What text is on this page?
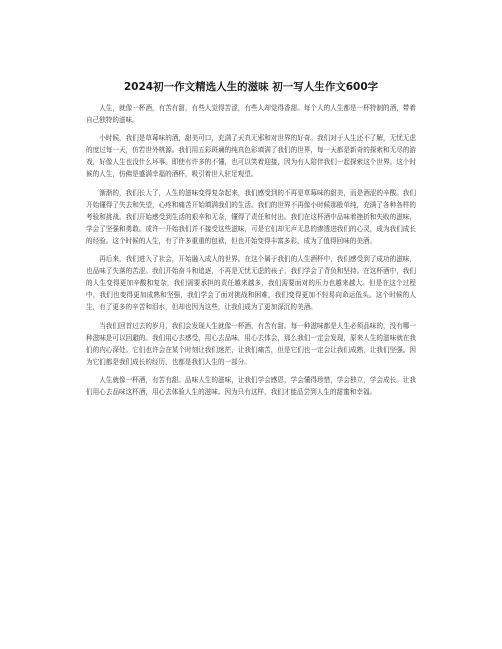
2024初一作文精选人生的滋味 初一写人生作文600字

人生，就像一杯酒，有苦有甜，有些人觉得苦涩，有些人却觉得香甜。每个人的人生都是一杯特制的酒，带着自己独特的滋味。

小时候，我们是草莓味的酒，甜美可口，充满了天真无邪和对世界的好奇。我们对于人生还不了解，无忧无虑的度过每一天，仿若世外桃源。我们用五彩斑斓的纯真色彩填满了我们的世界，每一天都是新奇的探索和无尽的游戏，好像人生也没什么坏事。即使有许多的不懂，也可以笑着迎接，因为有人陪伴我们一起探索这个世界。这个时候的人生，仿佛是盛满幸福的酒杯，吸引着世人驻足观望。

渐渐的，我们长大了，人生的滋味变得复杂起来，我们感受到的不再是草莓味的甜美，而是酒涩的辛酸。我们开始懂得了失去和失望，心疼和痛苦开始填满我们的生活。我们的世界不再像小时候那般单纯，充满了各种各样的考验和挑战。我们开始感受到生活的艰辛和无奈，懂得了责任和付出。我们在这杯酒中品味着挫折和失败的滋味，学会了坚强和勇敢。或许一开始我们并不接受这些滋味，可是它们却无声无息的渗透进我们的心灵，成为我们成长的经验。这个时候的人生，有了许多重重的包袱，但也开始变得丰富多彩，成为了值得回味的美酒。

再后来，我们进入了社会，开始融入成人的世界。在这个属于我们的人生酒杯中，我们感受到了成功的滋味，也品味了失落的苦涩。我们开始奋斗和追逐，不再是无忧无虑的孩子，我们学会了背负和坚持。在这杯酒中，我们的人生变得更加辛酸和复杂，我们需要承担的责任越来越多，我们需要面对的压力也越来越大。但是在这个过程中，我们也变得更加成熟和坚强，我们学会了面对挑战和困难，我们变得更加不轻易向命运低头。这个时候的人生，有了更多的辛苦和泪水，但却也因为这些，让我们成为了更加深沉的美酒。

当我们回首过去的岁月，我们会发现人生就像一杯酒，有苦有甜。每一种滋味都是人生必须品味的，没有哪一种滋味是可以回避的。我们用心去感受，用心去品味，用心去体会，那么我们一定会发现，原来人生的滋味就在我们的内心深处。它们也许会在某个时刻让我们迷茫，让我们痛苦，但是它们也一定会让我们成熟，让我们坚强。因为它们都是我们成长的经历，也都是我们人生的一部分。

人生就像一杯酒，有苦有甜。品味人生的滋味，让我们学会感恩，学会懂得珍惜，学会独立，学会成长。让我们用心去品味这杯酒，用心去体验人生的滋味。因为只有这样，我们才能品尝到人生的甜蜜和幸福。
